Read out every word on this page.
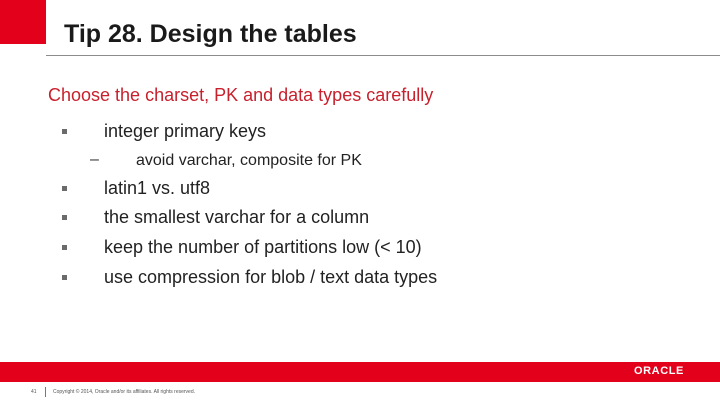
Tip 28. Design the tables
Choose the charset, PK and data types carefully
integer primary keys
– avoid varchar, composite for PK
latin1 vs. utf8
the smallest varchar for a column
keep the number of partitions low (< 10)
use compression for blob / text data types
ORACLE
41	Copyright © 2014, Oracle and/or its affiliates. All rights reserved.
